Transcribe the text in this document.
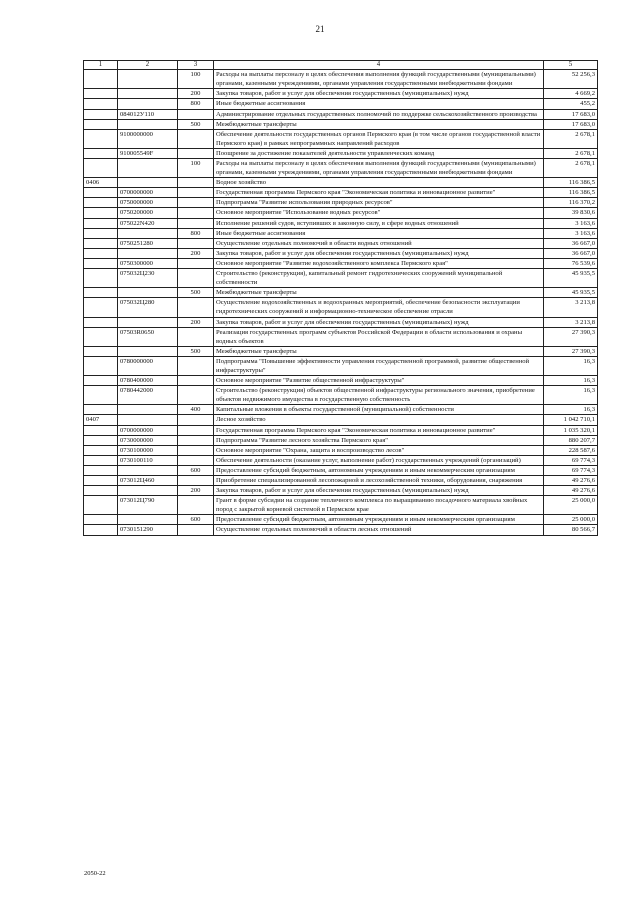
21
1	2	3	4	5
		100	Расходы на выплаты персоналу в целях обеспечения выполнения функций государственными (муниципальными) органами, казенными учреждениями, органами управления государственными внебюджетными фондами	52 256,3
		200	Закупка товаров, работ и услуг для обеспечения государственных (муниципальных) нужд	4 669,2
		800	Иные бюджетные ассигнования	455,2
	084012У110		Администрирование отдельных государственных полномочий по поддержке сельскохозяйственного производства	17 683,0
		500	Межбюджетные трансферты	17 683,0
	9100000000		Обеспечение деятельности государственных органов Пермского края (в том числе органов государственной власти Пермского края) в рамках непрограммных направлений расходов	2 678,1
	910005549F		Поощрение за достижение показателей деятельности управленческих команд	2 678,1
		100	Расходы на выплаты персоналу в целях обеспечения выполнения функций государственными (муниципальными) органами, казенными учреждениями, органами управления государственными внебюджетными фондами	2 678,1
0406			Водное хозяйство	116 386,5
	0700000000		Государственная программа Пермского края "Экономическая политика и инновационное развитие"	116 386,5
	0750000000		Подпрограмма "Развитие использования природных ресурсов"	116 370,2
	0750200000		Основное мероприятие "Использование водных ресурсов"	39 830,6
	075022N420		Исполнение решений судов, вступивших в законную силу, в сфере водных отношений	3 163,6
		800	Иные бюджетные ассигнования	3 163,6
	0750251280		Осуществление отдельных полномочий в области водных отношений	36 667,0
		200	Закупка товаров, работ и услуг для обеспечения государственных (муниципальных) нужд	36 667,0
	0750300000		Основное мероприятие "Развитие водохозяйственного комплекса Пермского края"	76 539,6
	075032Ц230		Строительство (реконструкция), капитальный ремонт гидротехнических сооружений муниципальной собственности	45 935,5
		500	Межбюджетные трансферты	45 935,5
	075032Ц280		Осуществление водохозяйственных и водоохранных мероприятий, обеспечение безопасности эксплуатации гидротехнических сооружений и информационно-техническое обеспечение отрасли	3 213,8
		200	Закупка товаров, работ и услуг для обеспечения государственных (муниципальных) нужд	3 213,8
	07503R0650		Реализация государственных программ субъектов Российской Федерации в области использования и охраны водных объектов	27 390,3
		500	Межбюджетные трансферты	27 390,3
	0780000000		Подпрограмма "Повышение эффективности управления государственной программой, развитие общественной инфраструктуры"	16,3
	0780400000		Основное мероприятие "Развитие общественной инфраструктуры"	16,3
	0780442000		Строительство (реконструкция) объектов общественной инфраструктуры регионального значения, приобретение объектов недвижимого имущества в государственную собственность	16,3
		400	Капитальные вложения в объекты государственной (муниципальной) собственности	16,3
0407			Лесное хозяйство	1 042 710,1
	0700000000		Государственная программа Пермского края "Экономическая политика и инновационное развитие"	1 035 320,1
	0730000000		Подпрограмма "Развитие лесного хозяйства Пермского края"	880 207,7
	0730100000		Основное мероприятие "Охрана, защита и воспроизводство лесов"	228 587,6
	0730100110		Обеспечение деятельности (оказание услуг, выполнение работ) государственных учреждений (организаций)	69 774,3
		600	Предоставление субсидий бюджетным, автономным учреждениям и иным некоммерческим организациям	69 774,3
	073012Ц460		Приобретение специализированной лесопожарной и лесохозяйственной техники, оборудования, снаряжения	49 276,6
		200	Закупка товаров, работ и услуг для обеспечения государственных (муниципальных) нужд	49 276,6
	073012Ц790		Грант в форме субсидии на создание тепличного комплекса по выращиванию посадочного материала хвойных пород с закрытой корневой системой в Пермском крае	25 000,0
		600	Предоставление субсидий бюджетным, автономным учреждениям и иным некоммерческим организациям	25 000,0
	0730151290		Осуществление отдельных полномочий в области лесных отношений	80 566,7
2050-22
